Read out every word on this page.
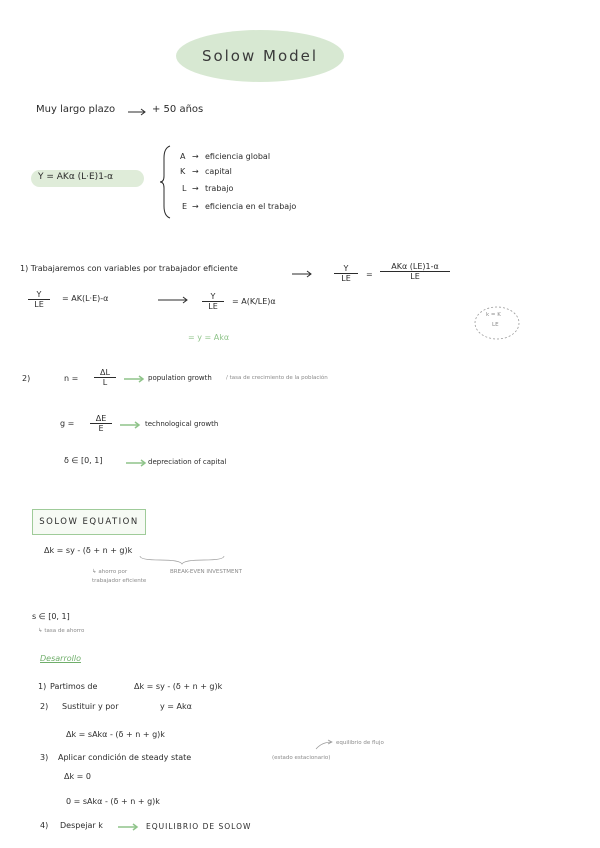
Solow Model
Muy largo plazo	+ 50 años
Y = AKα (L·E)1-α
A → eficiencia global
K → capital
L → trabajo
E → eficiencia en el trabajo
1) Trabajaremos con variables por trabajador eficiente	$\frac{Y}{LE}$ =
AKα (LE)1-α
LE
$\frac{Y}{LE} = AK(L\cdot E)-\alpha$	$\frac{Y}{LE} = A(K/LE)\alpha$
= y = Akα
k = K
LE
2)	$n = \frac{\Delta L}{L}$	population growth	/ tasa de crecimiento de la población
$g = \frac{\Delta E}{E}$	technological growth
δ ∈ [0, 1]	depreciation of capital
SOLOW EQUATION
Δk = sy - (δ + n + g)k
↳ ahorro por trabajador eficiente
BREAK-EVEN INVESTMENT
s ∈ [0, 1]
↳ tasa de ahorro
Desarrollo
1) Partimos de	Δk = sy - (δ + n + g)k
2) Sustituir y por	y = Akα
Δk = sAkα - (δ + n + g)k
3) Aplicar condición de steady state	(estado estacionario)
equilibrio de flujo
Δk = 0
0 = sAkα - (δ + n + g)k
4) Despejar k	EQUILIBRIO DE SOLOW
